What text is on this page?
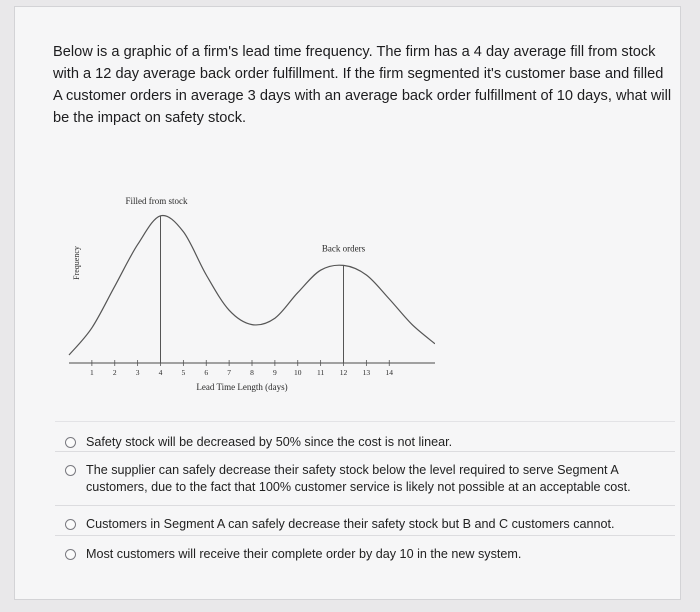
Below is a graphic of a firm's lead time frequency. The firm has a 4 day average fill from stock with a 12 day average back order fulfillment. If the firm segmented it's customer base and filled A customer orders in average 3 days with an average back order fulfillment of 10 days, what will be the impact on safety stock.
1	2	3	4	5	6	7	8	9 10 11 12 13 14
Frequency
Lead Time Length (days)
Filled from stock
Back orders
Safety stock will be decreased by 50% since the cost is not linear.
The supplier can safely decrease their safety stock below the level required to serve Segment A customers, due to the fact that 100% customer service is likely not possible at an acceptable cost.
Customers in Segment A can safely decrease their safety stock but B and C customers cannot.
Most customers will receive their complete order by day 10 in the new system.
